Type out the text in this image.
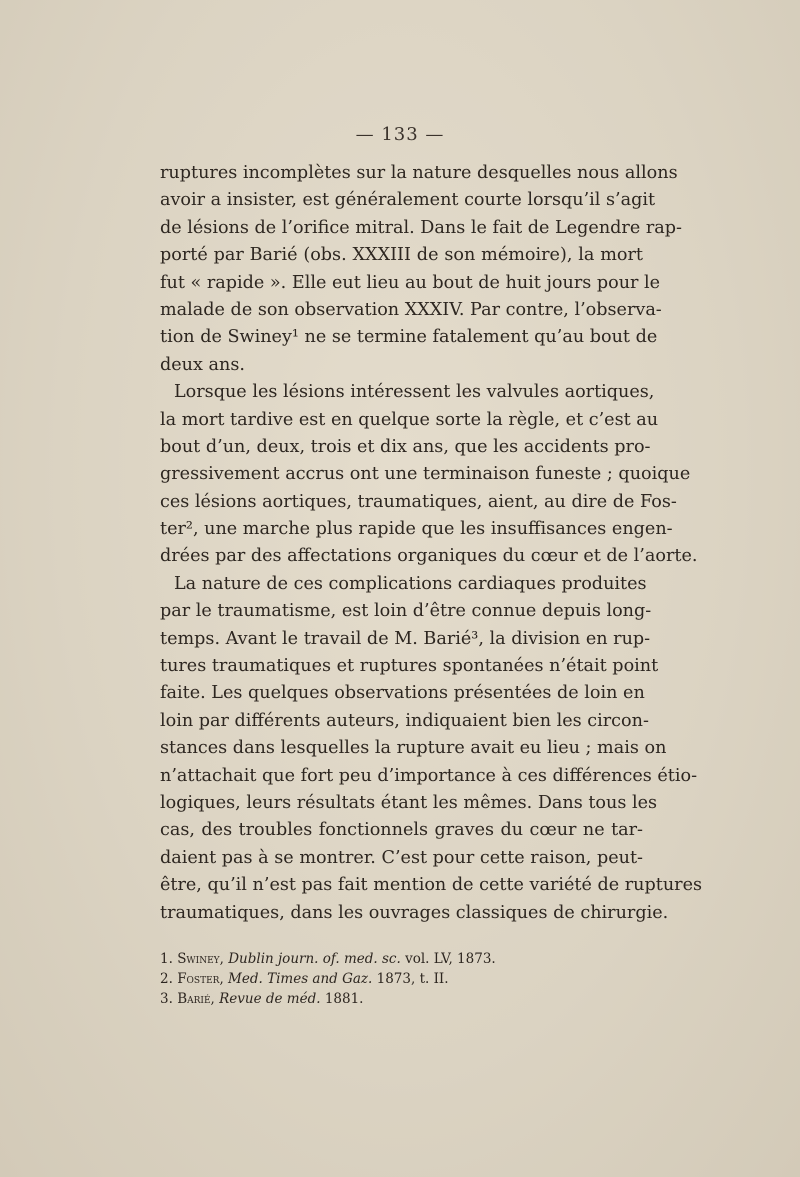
— 133 —
ruptures incomplètes sur la nature desquelles nous allons
avoir a insister, est généralement courte lorsqu’il s’agit
de lésions de l’orifice mitral. Dans le fait de Legendre rap-
porté par Barié (obs. XXXIII de son mémoire), la mort
fut « rapide ». Elle eut lieu au bout de huit jours pour le
malade de son observation XXXIV. Par contre, l’observa-
tion de Swiney¹ ne se termine fatalement qu’au bout de
deux ans.
Lorsque les lésions intéressent les valvules aortiques,
la mort tardive est en quelque sorte la règle, et c’est au
bout d’un, deux, trois et dix ans, que les accidents pro-
gressivement accrus ont une terminaison funeste ; quoique
ces lésions aortiques, traumatiques, aient, au dire de Fos-
ter², une marche plus rapide que les insuffisances engen-
drées par des affectations organiques du cœur et de l’aorte.
La nature de ces complications cardiaques produites
par le traumatisme, est loin d’être connue depuis long-
temps. Avant le travail de M. Barié³, la division en rup-
tures traumatiques et ruptures spontanées n’était point
faite. Les quelques observations présentées de loin en
loin par différents auteurs, indiquaient bien les circon-
stances dans lesquelles la rupture avait eu lieu ; mais on
n’attachait que fort peu d’importance à ces différences étio-
logiques, leurs résultats étant les mêmes. Dans tous les
cas, des troubles fonctionnels graves du cœur ne tar-
daient pas à se montrer. C’est pour cette raison, peut-
être, qu’il n’est pas fait mention de cette variété de ruptures
traumatiques, dans les ouvrages classiques de chirurgie.
1. Swiney, Dublin journ. of. med. sc. vol. LV, 1873.
2. Foster, Med. Times and Gaz. 1873, t. II.
3. Barié, Revue de méd. 1881.
